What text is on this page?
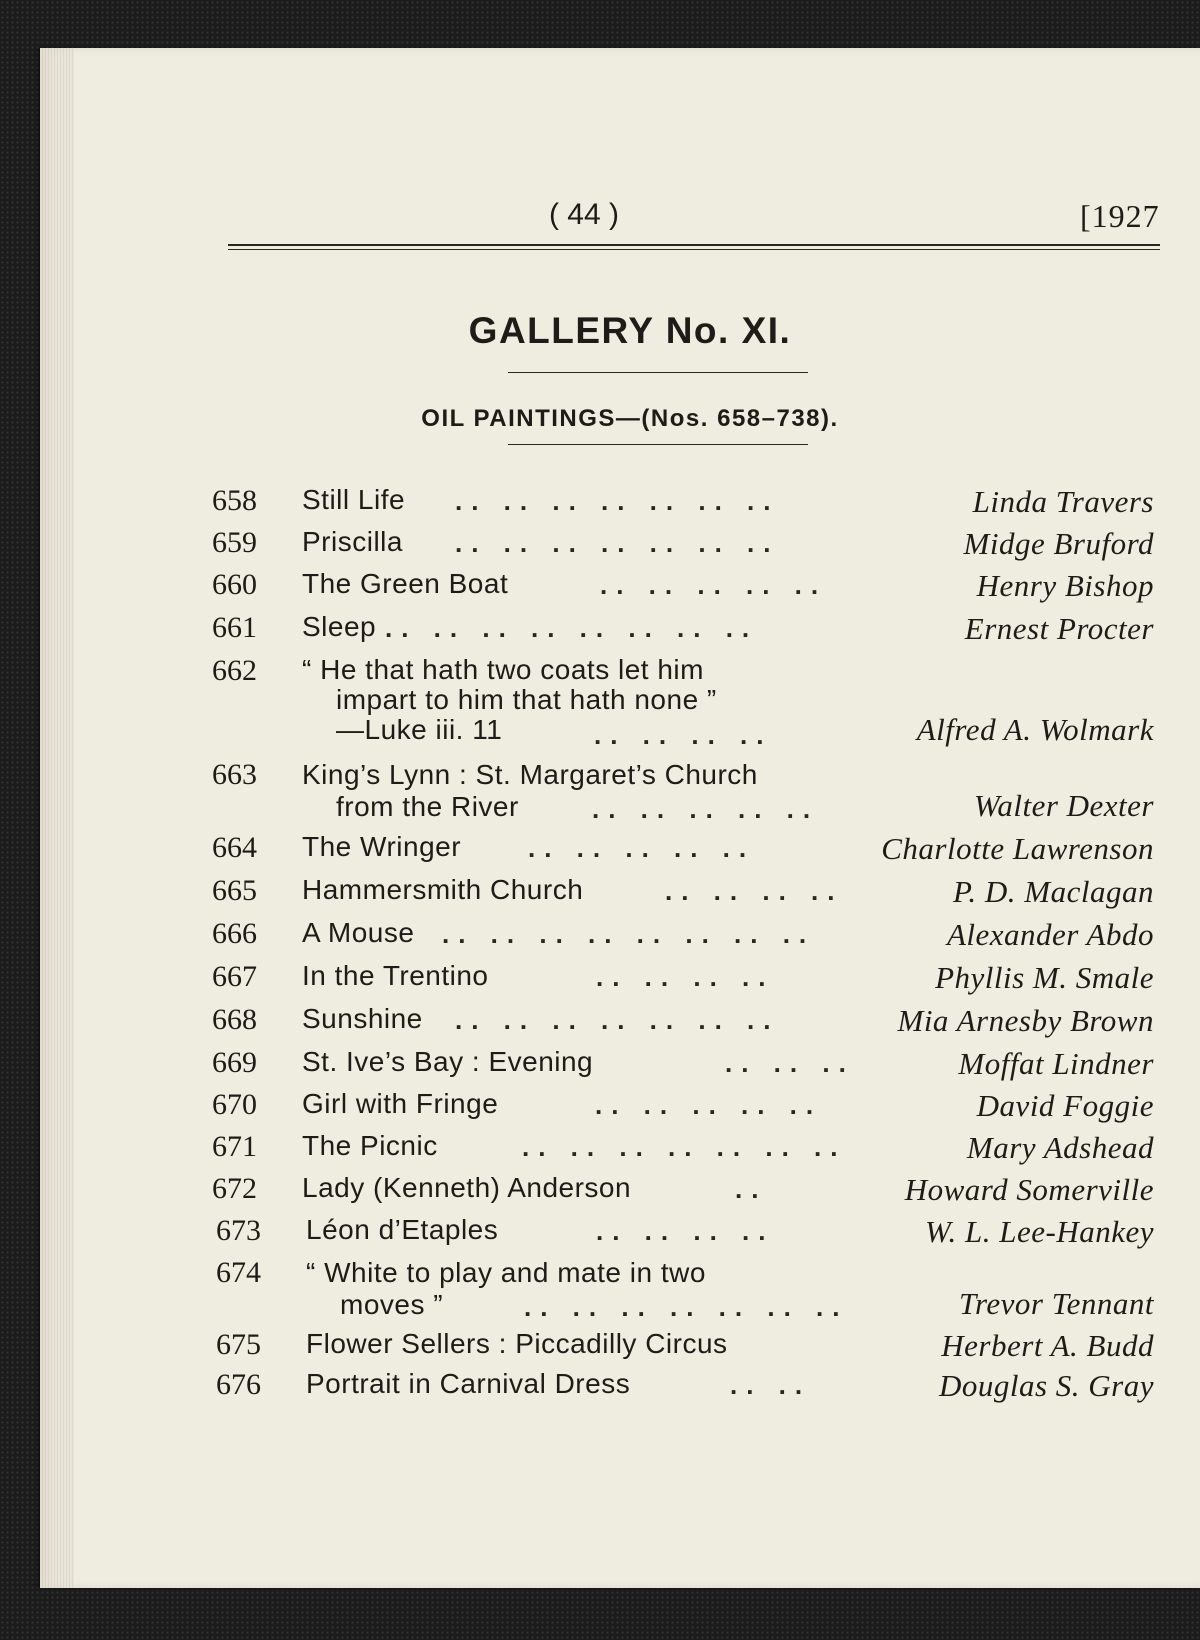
( 44 )	[1927
GALLERY No. XI.
OIL PAINTINGS—(Nos. 658–738).
658	Still Life .. .. .. .. .. .. ..	Linda Travers
659	Priscilla .. .. .. .. .. .. ..	Midge Bruford
660	The Green Boat	.. .. .. .. ..	Henry Bishop
661	Sleep .. .. .. .. .. .. .. ..	Ernest Procter
662	“ He that hath two coats let him
impart to him that hath none ”
—Luke iii. 11	.. .. .. ..	Alfred A. Wolmark
663	King’s Lynn : St. Margaret’s Church
from the River	.. .. .. .. ..	Walter Dexter
664	The Wringer	.. .. .. .. ..	Charlotte Lawrenson
665	Hammersmith Church	.. .. .. ..	P. D. Maclagan
666	A Mouse .. .. .. .. .. .. .. ..	Alexander Abdo
667	In the Trentino	.. .. .. ..	Phyllis M. Smale
668	Sunshine .. .. .. .. .. .. ..	Mia Arnesby Brown
669	St. Ive’s Bay : Evening	.. .. ..	Moffat Lindner
670	Girl with Fringe	.. .. .. .. ..	David Foggie
671	The Picnic	.. .. .. .. .. .. ..	Mary Adshead
672	Lady (Kenneth) Anderson	..	Howard Somerville
673	Léon d’Etaples	.. .. .. ..	W. L. Lee-Hankey
674	“ White to play and mate in two
moves ”	.. .. .. .. .. .. ..	Trevor Tennant
675	Flower Sellers : Piccadilly Circus	Herbert A. Budd
676	Portrait in Carnival Dress	.. ..	Douglas S. Gray
